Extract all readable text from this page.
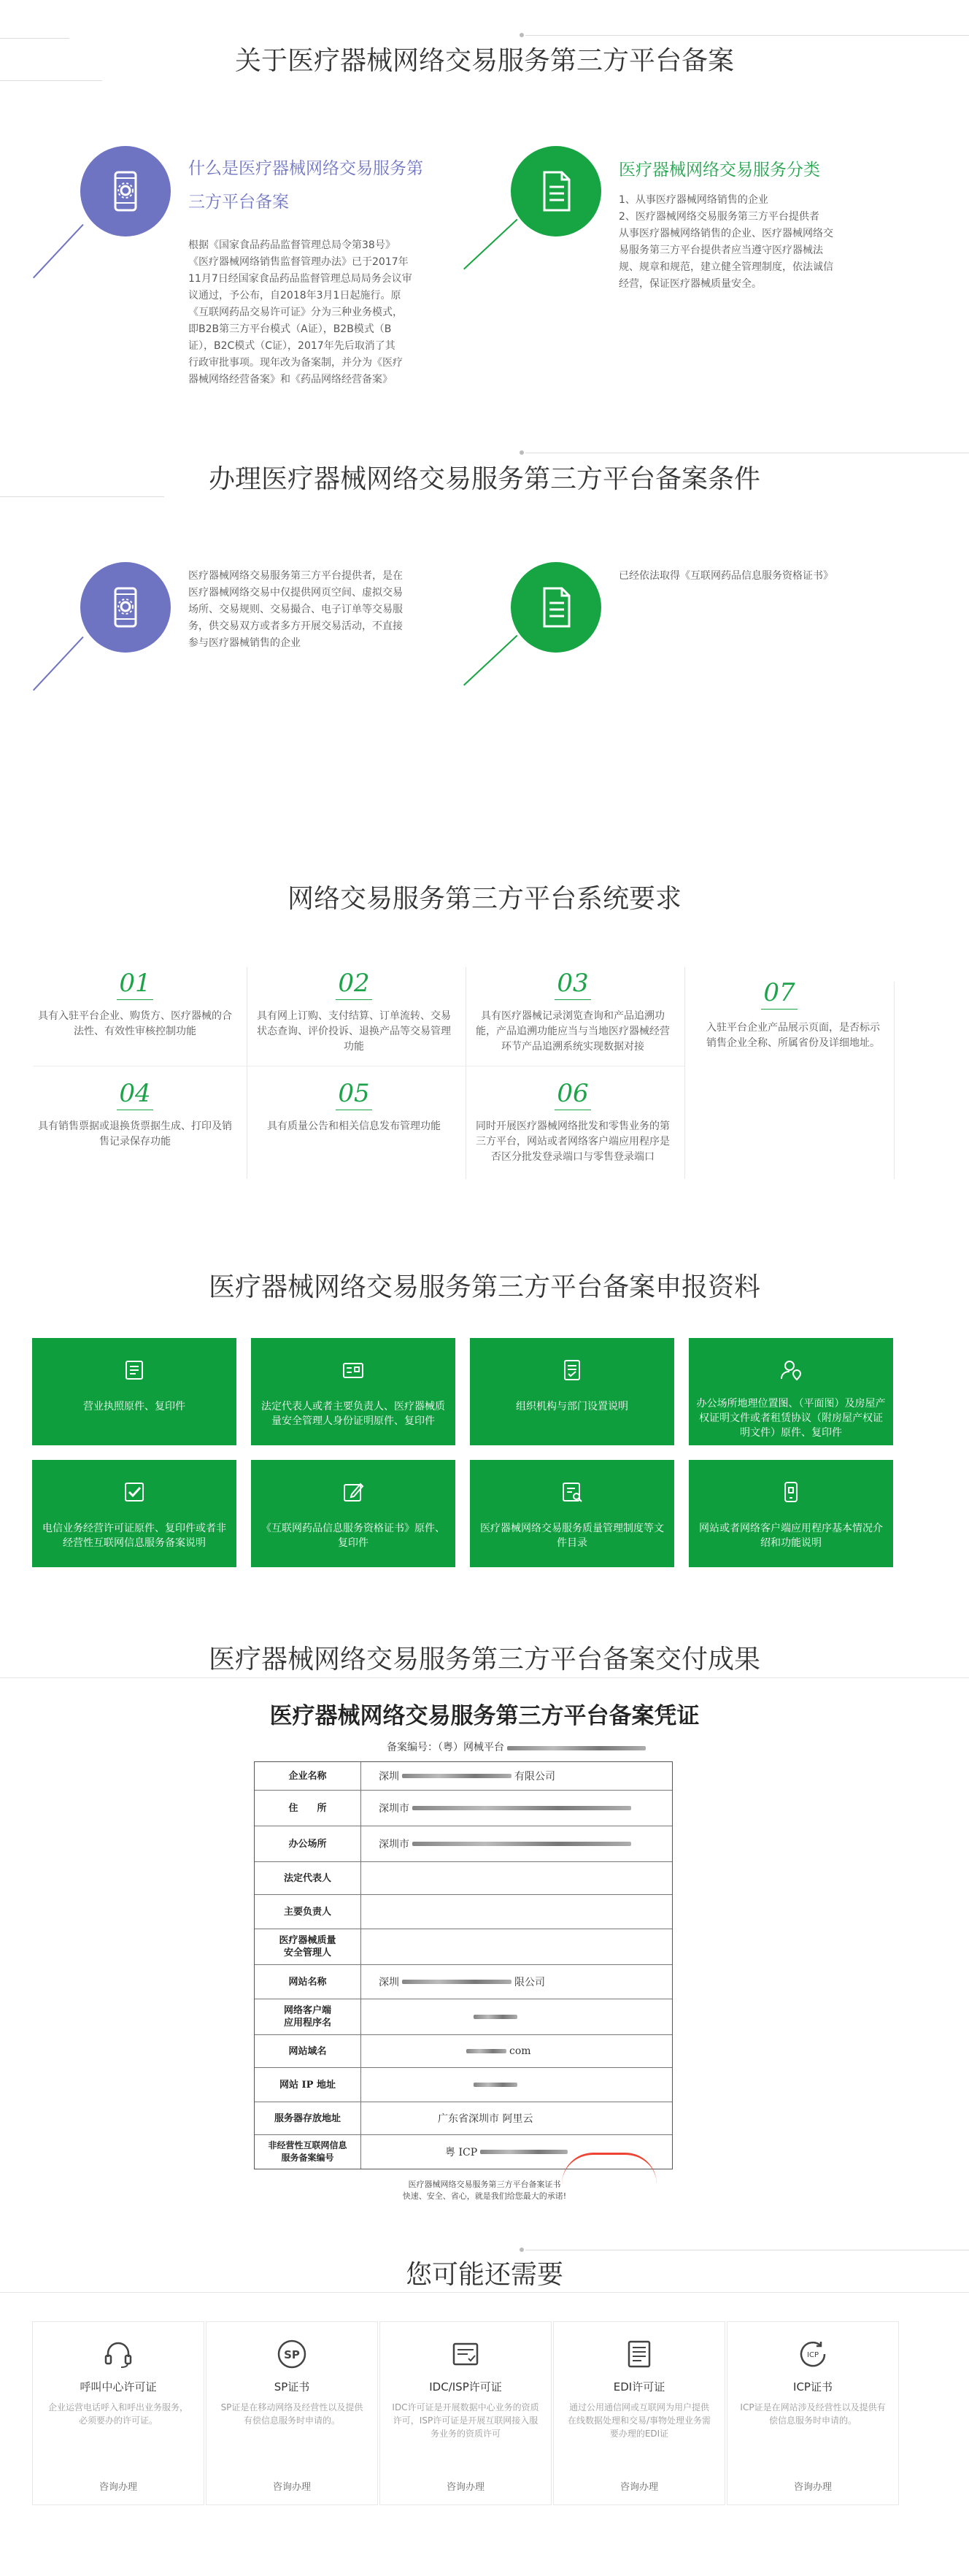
关于医疗器械网络交易服务第三方平台备案
什么是医疗器械网络交易服务第
三方平台备案
根据《国家食品药品监督管理总局令第38号》
《医疗器械网络销售监督管理办法》已于2017年
11月7日经国家食品药品监督管理总局局务会议审
议通过，予公布，自2018年3月1日起施行。原
《互联网药品交易许可证》分为三种业务模式，
即B2B第三方平台模式（A证），B2B模式（B
证），B2C模式（C证），2017年先后取消了其
行政审批事项。现年改为备案制，并分为《医疗
器械网络经营备案》和《药品网络经营备案》
医疗器械网络交易服务分类
1、从事医疗器械网络销售的企业
2、医疗器械网络交易服务第三方平台提供者
从事医疗器械网络销售的企业、医疗器械网络交
易服务第三方平台提供者应当遵守医疗器械法
规、规章和规范，建立健全管理制度，依法诚信
经营，保证医疗器械质量安全。
办理医疗器械网络交易服务第三方平台备案条件
医疗器械网络交易服务第三方平台提供者，是在
医疗器械网络交易中仅提供网页空间、虚拟交易
场所、交易规则、交易撮合、电子订单等交易服
务，供交易双方或者多方开展交易活动，不直接
参与医疗器械销售的企业
已经依法取得《互联网药品信息服务资格证书》
网络交易服务第三方平台系统要求
01
具有入驻平台企业、购货方、医疗器械的合法性、有效性审核控制功能
02
具有网上订购、支付结算、订单流转、交易状态查询、评价投诉、退换产品等交易管理功能
03
具有医疗器械记录浏览查询和产品追溯功能，产品追溯功能应当与当地医疗器械经营环节产品追溯系统实现数据对接
07
入驻平台企业产品展示页面，是否标示销售企业全称、所属省份及详细地址。
04
具有销售票据或退换货票据生成、打印及销售记录保存功能
05
具有质量公告和相关信息发布管理功能
06
同时开展医疗器械网络批发和零售业务的第三方平台，网站或者网络客户端应用程序是否区分批发登录端口与零售登录端口
医疗器械网络交易服务第三方平台备案申报资料
营业执照原件、复印件	法定代表人或者主要负责人、医疗器械质量安全管理人身份证明原件、复印件
组织机构与部门设置说明	办公场所地理位置图、（平面图）及房屋产权证明文件或者租赁协议（附房屋产权证明文件）原件、复印件
电信业务经营许可证原件、复印件或者非经营性互联网信息服务备案说明
《互联网药品信息服务资格证书》原件、复印件
医疗器械网络交易服务质量管理制度等文件目录
网站或者网络客户端应用程序基本情况介绍和功能说明
医疗器械网络交易服务第三方平台备案交付成果
医疗器械网络交易服务第三方平台备案凭证
备案编号：（粤）网械平台
企业名称	深圳	有限公司
住　　所	深圳市
办公场所	深圳市
法定代表人
主要负责人
医疗器械质量
安全管理人
网站名称	深圳	限公司
网络客户端
应用程序名
网站域名	com
网站 IP 地址
服务器存放地址	广东省深圳市 阿里云
非经营性互联网信息
服务备案编号	粤 ICP
医疗器械网络交易服务第三方平台备案证书
快速、安全、省心，就是我们给您最大的承诺!
您可能还需要
呼叫中心许可证
企业运营电话呼入和呼出业务服务，必须要办的许可证。
咨询办理
SP
SP证书
SP证是在移动网络及经营性以及提供有偿信息服务时申请的。
咨询办理
IDC/ISP许可证
IDC许可证是开展数据中心业务的资质许可，ISP许可证是开展互联网接入服务业务的资质许可
咨询办理
EDI许可证
通过公用通信网或互联网为用户提供在线数据处理和交易/事物处理业务需要办理的EDI证
咨询办理
ICP
ICP证书
ICP证是在网站涉及经营性以及提供有偿信息服务时申请的。
咨询办理
